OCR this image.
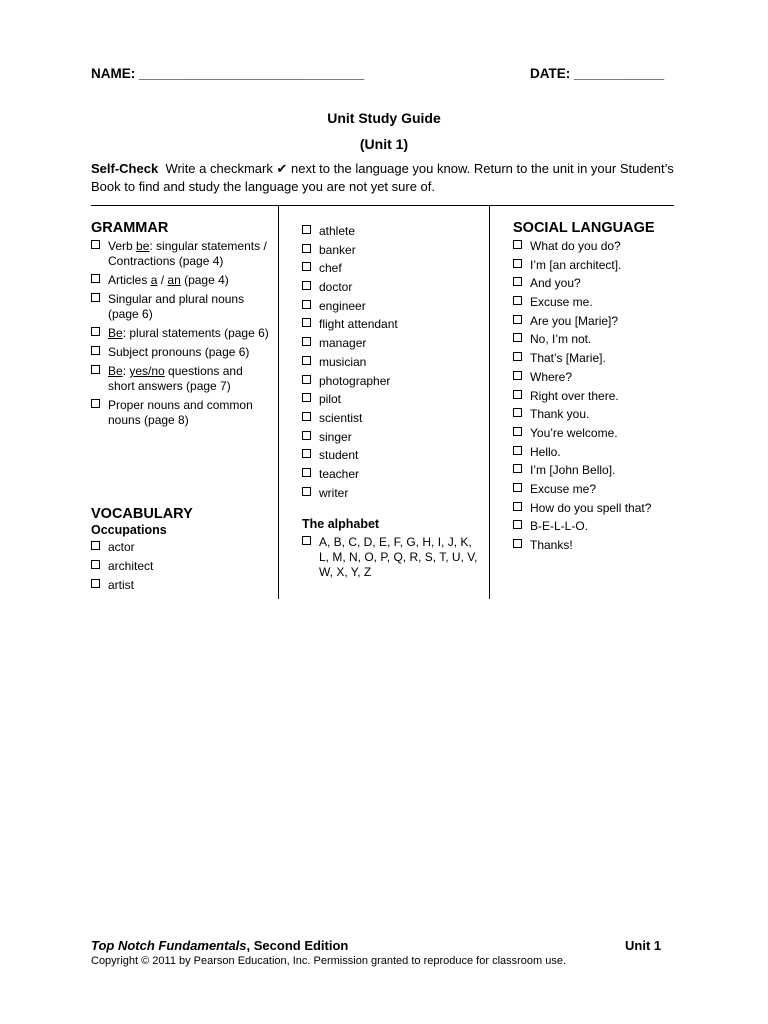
NAME: ______________________________	DATE: ____________
Unit Study Guide
(Unit 1)
Self-Check Write a checkmark ✔ next to the language you know. Return to the unit in your Student’s Book to find and study the language you are not yet sure of.
GRAMMAR
Verb be: singular statements / Contractions (page 4)
Articles a / an (page 4)
Singular and plural nouns (page 6)
Be: plural statements (page 6)
Subject pronouns (page 6)
Be: yes/no questions and short answers (page 7)
Proper nouns and common nouns (page 8)
VOCABULARY
Occupations
actor
architect
artist
athlete
banker
chef
doctor
engineer
flight attendant
manager
musician
photographer
pilot
scientist
singer
student
teacher
writer
The alphabet
A, B, C, D, E, F, G, H, I, J, K, L, M, N, O, P, Q, R, S, T, U, V, W, X, Y, Z
SOCIAL LANGUAGE
What do you do?
I’m [an architect].
And you?
Excuse me.
Are you [Marie]?
No, I’m not.
That’s [Marie].
Where?
Right over there.
Thank you.
You’re welcome.
Hello.
I’m [John Bello].
Excuse me?
How do you spell that?
B-E-L-L-O.
Thanks!
Top Notch Fundamentals, Second Edition	Unit 1
Copyright © 2011 by Pearson Education, Inc. Permission granted to reproduce for classroom use.
